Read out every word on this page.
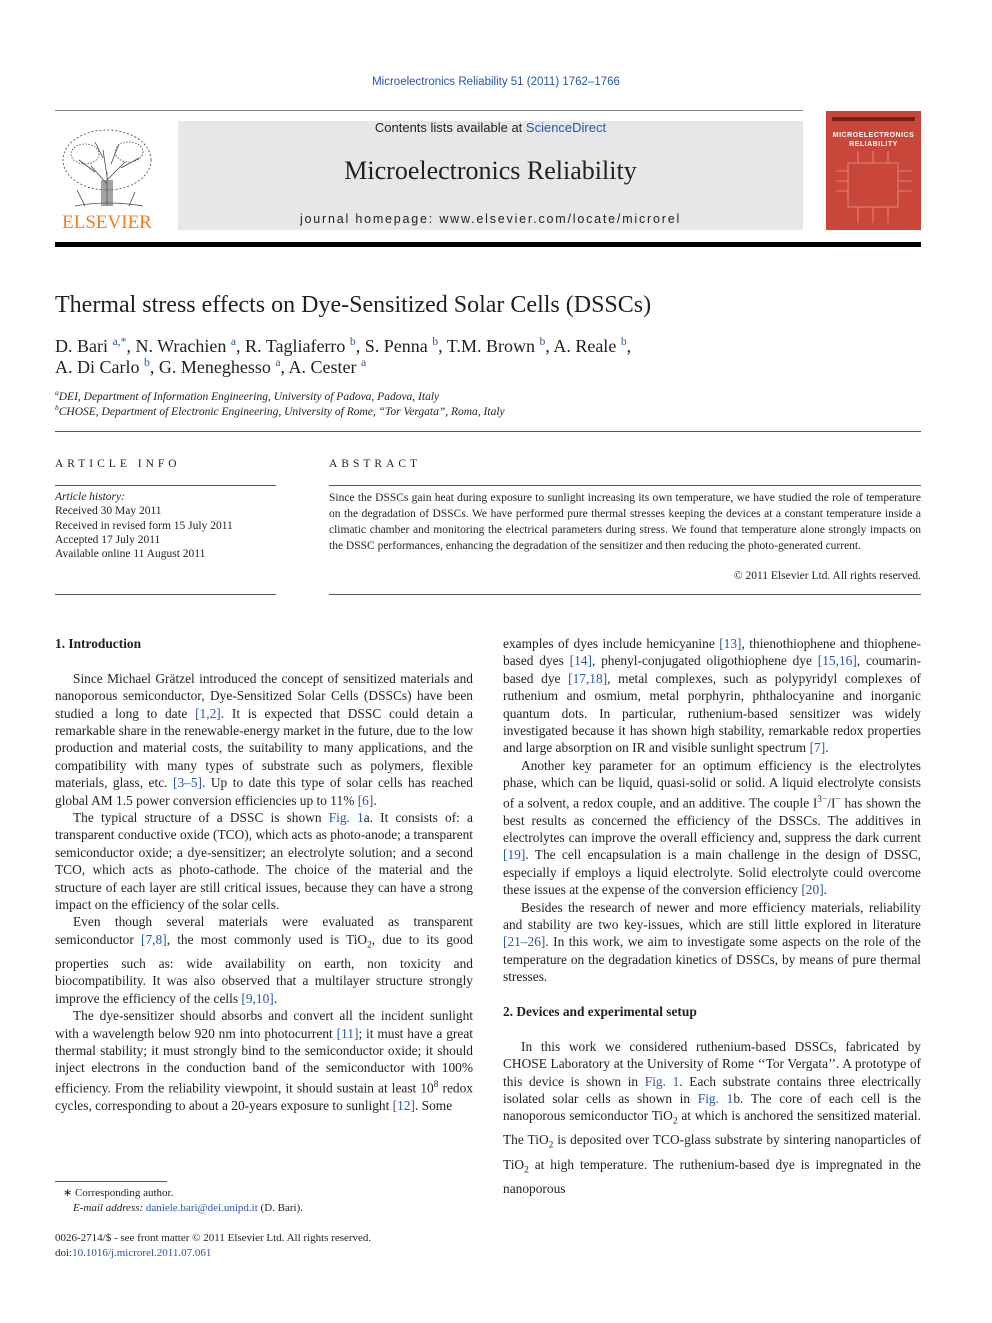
Microelectronics Reliability 51 (2011) 1762–1766
ELSEVIER
Contents lists available at ScienceDirect
Microelectronics Reliability
journal homepage: www.elsevier.com/locate/microrel
MICROELECTRONICS
RELIABILITY
Thermal stress effects on Dye-Sensitized Solar Cells (DSSCs)
D. Bari $^{a,*}$, N. Wrachien $^a$, R. Tagliaferro $^b$, S. Penna $^b$, T.M. Brown $^b$, A. Reale $^b$,
A. Di Carlo $^b$, G. Meneghesso $^a$, A. Cester $^a$
$^a$DEI, Department of Information Engineering, University of Padova, Padova, Italy
$^b$CHOSE, Department of Electronic Engineering, University of Rome, “Tor Vergata”, Roma, Italy
ARTICLE INFO	ABSTRACT
Article history:
Received 30 May 2011
Received in revised form 15 July 2011
Accepted 17 July 2011
Available online 11 August 2011
Since the DSSCs gain heat during exposure to sunlight increasing its own temperature, we have studied the role of temperature on the degradation of DSSCs. We have performed pure thermal stresses keeping the devices at a constant temperature inside a climatic chamber and monitoring the electrical parameters during stress. We found that temperature alone strongly impacts on the DSSC performances, enhancing the degradation of the sensitizer and then reducing the photo-generated current.
© 2011 Elsevier Ltd. All rights reserved.
1. Introduction

Since Michael Grätzel introduced the concept of sensitized materials and nanoporous semiconductor, Dye-Sensitized Solar Cells (DSSCs) have been studied a long to date [1,2]. It is expected that DSSC could detain a remarkable share in the renewable-energy market in the future, due to the low production and material costs, the suitability to many applications, and the compatibility with many types of substrate such as polymers, flexible materials, glass, etc. [3–5]. Up to date this type of solar cells has reached global AM 1.5 power conversion efficiencies up to 11% [6].

The typical structure of a DSSC is shown Fig. 1a. It consists of: a transparent conductive oxide (TCO), which acts as photo-anode; a transparent semiconductor oxide; a dye-sensitizer; an electrolyte solution; and a second TCO, which acts as photo-cathode. The choice of the material and the structure of each layer are still critical issues, because they can have a strong impact on the efficiency of the solar cells.

Even though several materials were evaluated as transparent semiconductor [7,8], the most commonly used is TiO$_2$, due to its good properties such as: wide availability on earth, non toxicity and biocompatibility. It was also observed that a multilayer structure strongly improve the efficiency of the cells [9,10].

The dye-sensitizer should absorbs and convert all the incident sunlight with a wavelength below 920 nm into photocurrent [11]; it must have a great thermal stability; it must strongly bind to the semiconductor oxide; it should inject electrons in the conduction band of the semiconductor with 100% efficiency. From the reliability viewpoint, it should sustain at least $10^8$ redox cycles, corresponding to about a 20-years exposure to sunlight [12]. Some

examples of dyes include hemicyanine [13], thienothiophene and thiophene-based dyes [14], phenyl-conjugated oligothiophene dye [15,16], coumarin-based dye [17,18], metal complexes, such as polypyridyl complexes of ruthenium and osmium, metal porphyrin, phthalocyanine and inorganic quantum dots. In particular, ruthenium-based sensitizer was widely investigated because it has shown high stability, remarkable redox properties and large absorption on IR and visible sunlight spectrum [7].

Another key parameter for an optimum efficiency is the electrolytes phase, which can be liquid, quasi-solid or solid. A liquid electrolyte consists of a solvent, a redox couple, and an additive. The couple $I^{3-}/I^-$ has shown the best results as concerned the efficiency of the DSSCs. The additives in electrolytes can improve the overall efficiency and, suppress the dark current [19]. The cell encapsulation is a main challenge in the design of DSSC, especially if employs a liquid electrolyte. Solid electrolyte could overcome these issues at the expense of the conversion efficiency [20].

Besides the research of newer and more efficiency materials, reliability and stability are two key-issues, which are still little explored in literature [21–26]. In this work, we aim to investigate some aspects on the role of the temperature on the degradation kinetics of DSSCs, by means of pure thermal stresses.

2. Devices and experimental setup

In this work we considered ruthenium-based DSSCs, fabricated by CHOSE Laboratory at the University of Rome ‘‘Tor Vergata’’. A prototype of this device is shown in Fig. 1. Each substrate contains three electrically isolated solar cells as shown in Fig. 1b. The core of each cell is the nanoporous semiconductor TiO$_2$ at which is anchored the sensitized material. The TiO$_2$ is deposited over TCO-glass substrate by sintering nanoparticles of TiO$_2$ at high temperature. The ruthenium-based dye is impregnated in the nanoporous

∗ Corresponding author.
E-mail address: daniele.bari@dei.unipd.it (D. Bari).
0026-2714/$ - see front matter © 2011 Elsevier Ltd. All rights reserved.
doi:10.1016/j.microrel.2011.07.061
